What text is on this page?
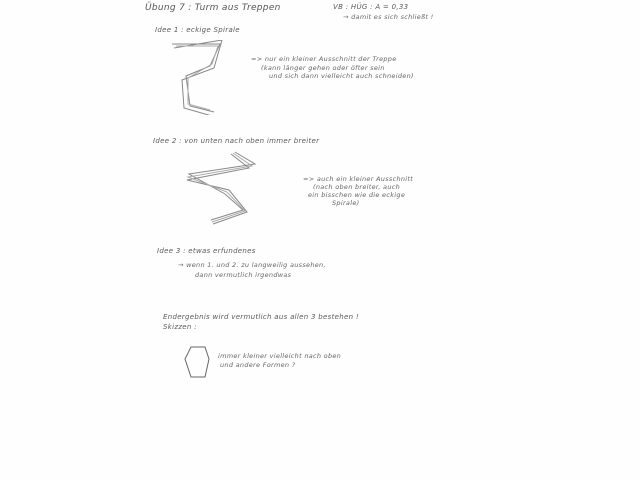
Übung 7 : Turm aus Treppen	VB : HÜG : A = 0,33
→ damit es sich schließt !
Idee 1 : eckige Spirale
=> nur ein kleiner Ausschnitt der Treppe
(kann länger gehen oder öfter sein
und sich dann vielleicht auch schneiden)
Idee 2 : von unten nach oben immer breiter
=> auch ein kleiner Ausschnitt
(nach oben breiter, auch
ein bisschen wie die eckige
Spirale)
Idee 3 : etwas erfundenes
→ wenn 1. und 2. zu langweilig aussehen,
dann vermutlich irgendwas
Endergebnis wird vermutlich aus allen 3 bestehen !
Skizzen :
immer kleiner vielleicht nach oben
und andere Formen ?
